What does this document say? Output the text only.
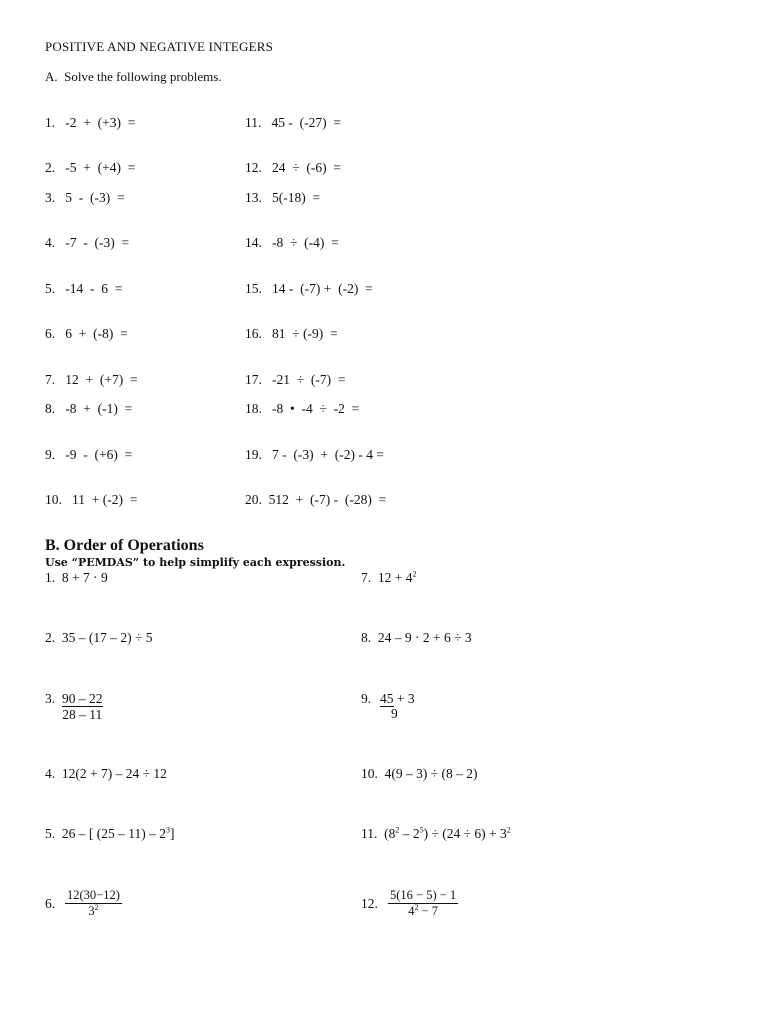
POSITIVE AND NEGATIVE INTEGERS
A.  Solve the following problems.
1.   -2  +  (+3)  =
2.   -5  +  (+4)  =
3.   5  -  (-3)  =
4.   -7  -  (-3)  =
5.   -14  -  6  =
6.   6  +  (-8)  =
7.   12  +  (+7)  =
8.   -8  +  (-1)  =
9.   -9  -  (+6)  =
10.   11  + (-2)  =
11.   45 -  (-27)  =
12.   24  ÷  (-6)  =
13.   5(-18)  =
14.   -8  ÷  (-4)  =
15.   14 -  (-7) +  (-2)  =
16.   81  ÷ (-9)  =
17.   -21  ÷  (-7)  =
18.   -8  •  -4  ÷  -2  =
19.   7 -  (-3)  +  (-2) - 4 =
20.  512  +  (-7) -  (-28)  =
B. Order of Operations
Use “PEMDAS” to help simplify each expression.
1.  8 + 7 · 9
2.  35 – (17 – 2) ÷ 5
3. $\frac{90 - 22}{28 - 11}$
4.  12(2 + 7) – 24 ÷ 12
5.  26 – [ $(25 - 11) - 2^3$]
6. $\frac{12(30-12)}{3^2}$
7.  $12 + 4^2$
8.  24 – 9 · 2 + 6 ÷ 3
9. 45 + 3
9
10.  4(9 – 3) ÷ (8 – 2)
11.  $(8^2 - 2^5) \div (24 \div 6) + 3^2$
12. $\frac{5(16 - 5) - 1}{4^2 - 7}$
